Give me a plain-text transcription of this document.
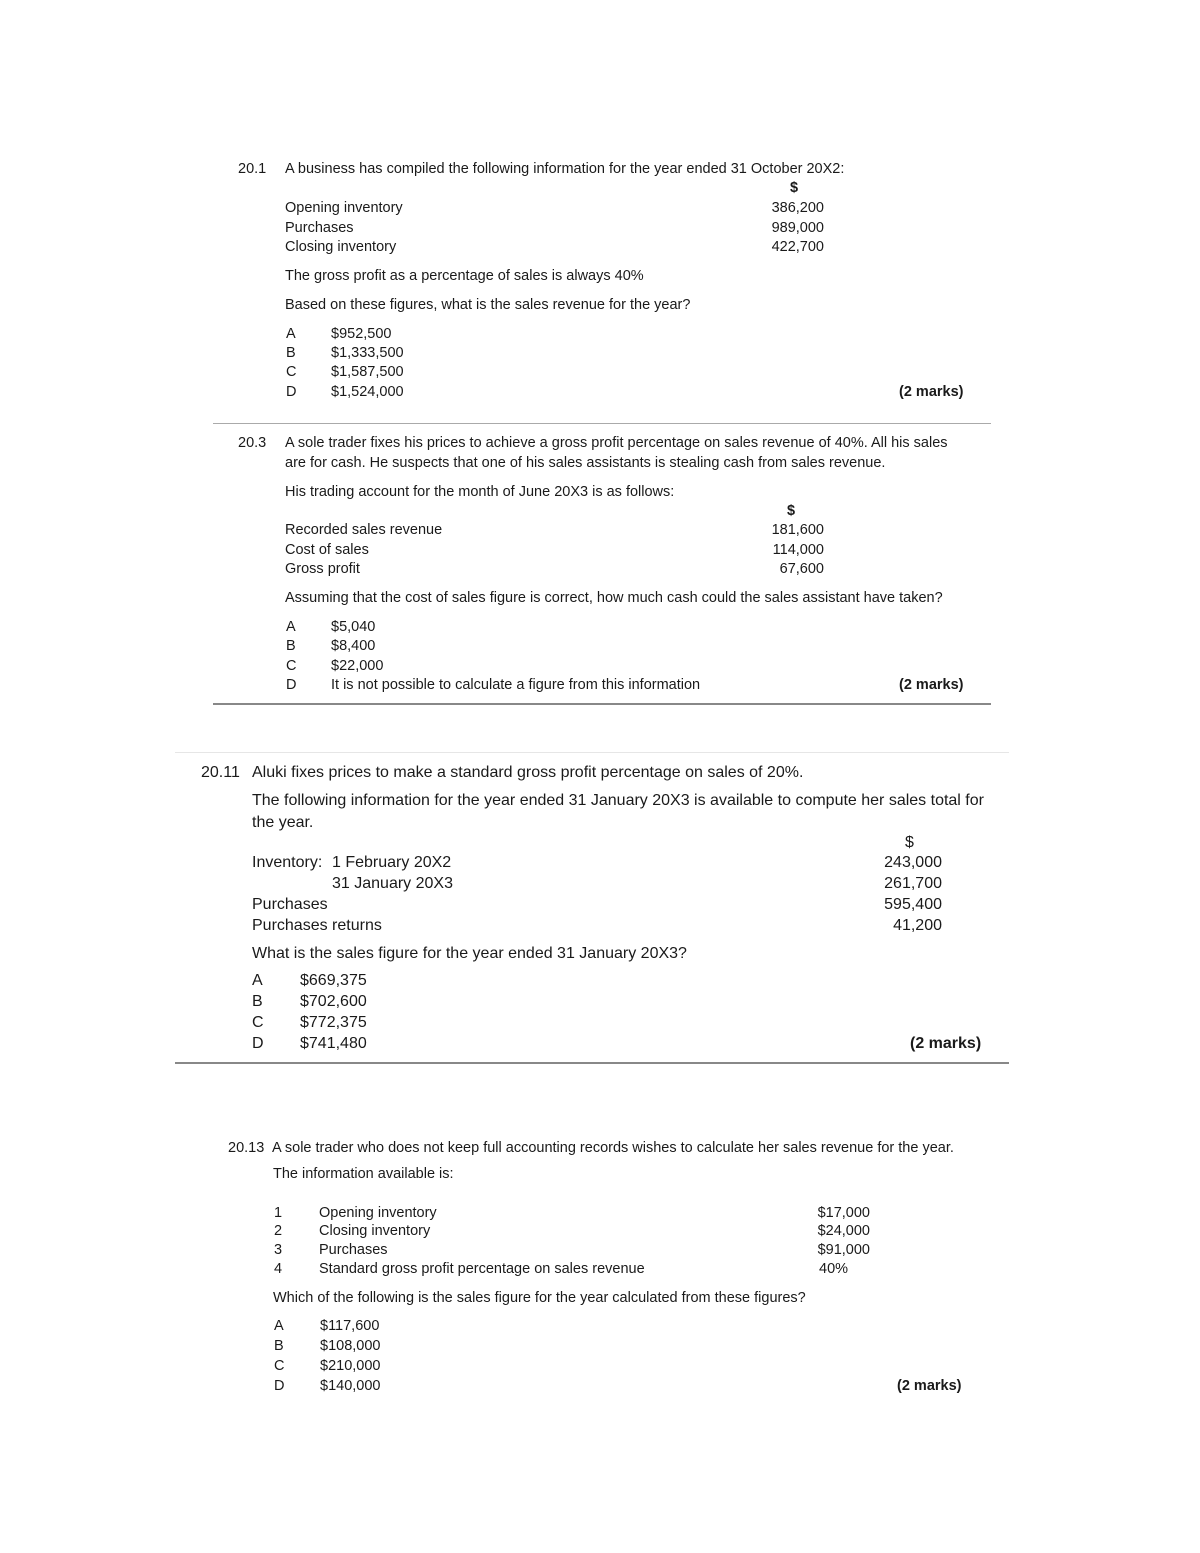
20.1 A business has compiled the following information for the year ended 31 October 20X2:
$
Opening inventory	386,200
Purchases	989,000
Closing inventory	422,700
The gross profit as a percentage of sales is always 40%
Based on these figures, what is the sales revenue for the year?
A $952,500
B $1,333,500
C $1,587,500
D $1,524,000	(2 marks)
20.3 A sole trader fixes his prices to achieve a gross profit percentage on sales revenue of 40%. All his sales
are for cash. He suspects that one of his sales assistants is stealing cash from sales revenue.
His trading account for the month of June 20X3 is as follows:
$
Recorded sales revenue	181,600
Cost of sales	114,000
Gross profit	67,600
Assuming that the cost of sales figure is correct, how much cash could the sales assistant have taken?
A $5,040
B $8,400
C $22,000
D It is not possible to calculate a figure from this information	(2 marks)
20.11 Aluki fixes prices to make a standard gross profit percentage on sales of 20%.
The following information for the year ended 31 January 20X3 is available to compute her sales total for
the year.
$
Inventory: 1 February 20X2	243,000
31 January 20X3	261,700
Purchases	595,400
Purchases returns	41,200
What is the sales figure for the year ended 31 January 20X3?
A $669,375
B $702,600
C $772,375
D $741,480	(2 marks)
20.13 A sole trader who does not keep full accounting records wishes to calculate her sales revenue for the year.
The information available is:
1	Opening inventory	$17,000
2	Closing inventory	$24,000
3	Purchases	$91,000
4	Standard gross profit percentage on sales revenue	40%
Which of the following is the sales figure for the year calculated from these figures?
A	$117,600
B	$108,000
C $210,000
D $140,000	(2 marks)
